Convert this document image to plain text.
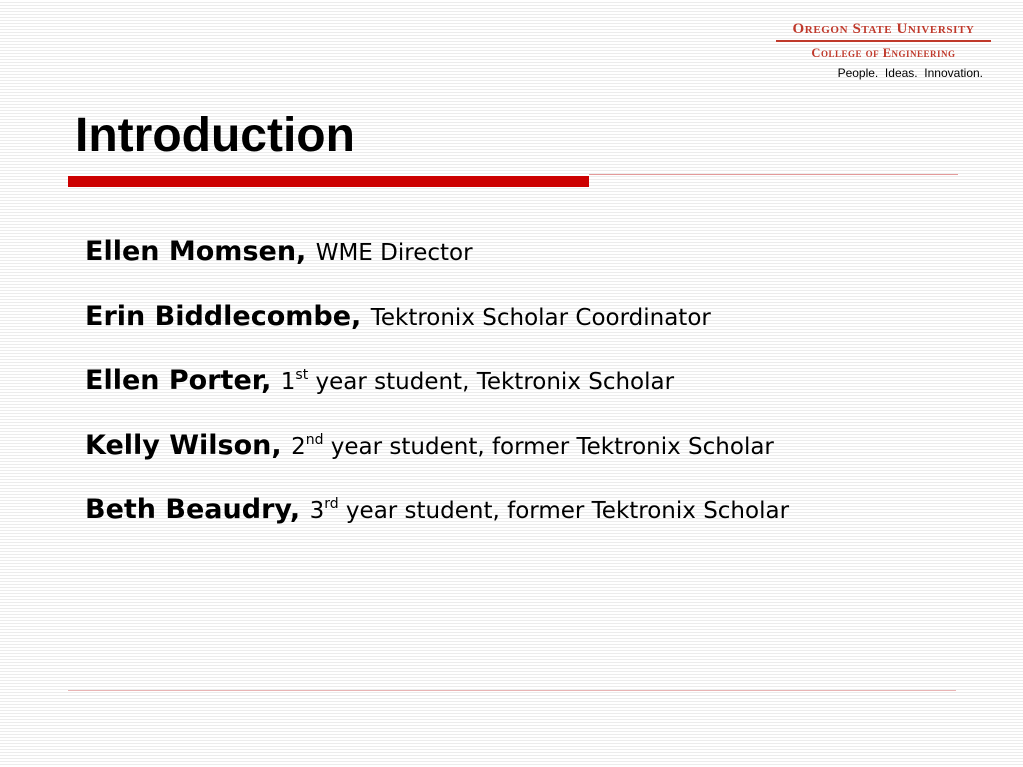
Oregon State University
College of Engineering
People.  Ideas.  Innovation.
Introduction
Ellen Momsen, WME Director
Erin Biddlecombe, Tektronix Scholar Coordinator
Ellen Porter, 1st year student, Tektronix Scholar
Kelly Wilson, 2nd year student, former Tektronix Scholar
Beth Beaudry, 3rd year student, former Tektronix Scholar
